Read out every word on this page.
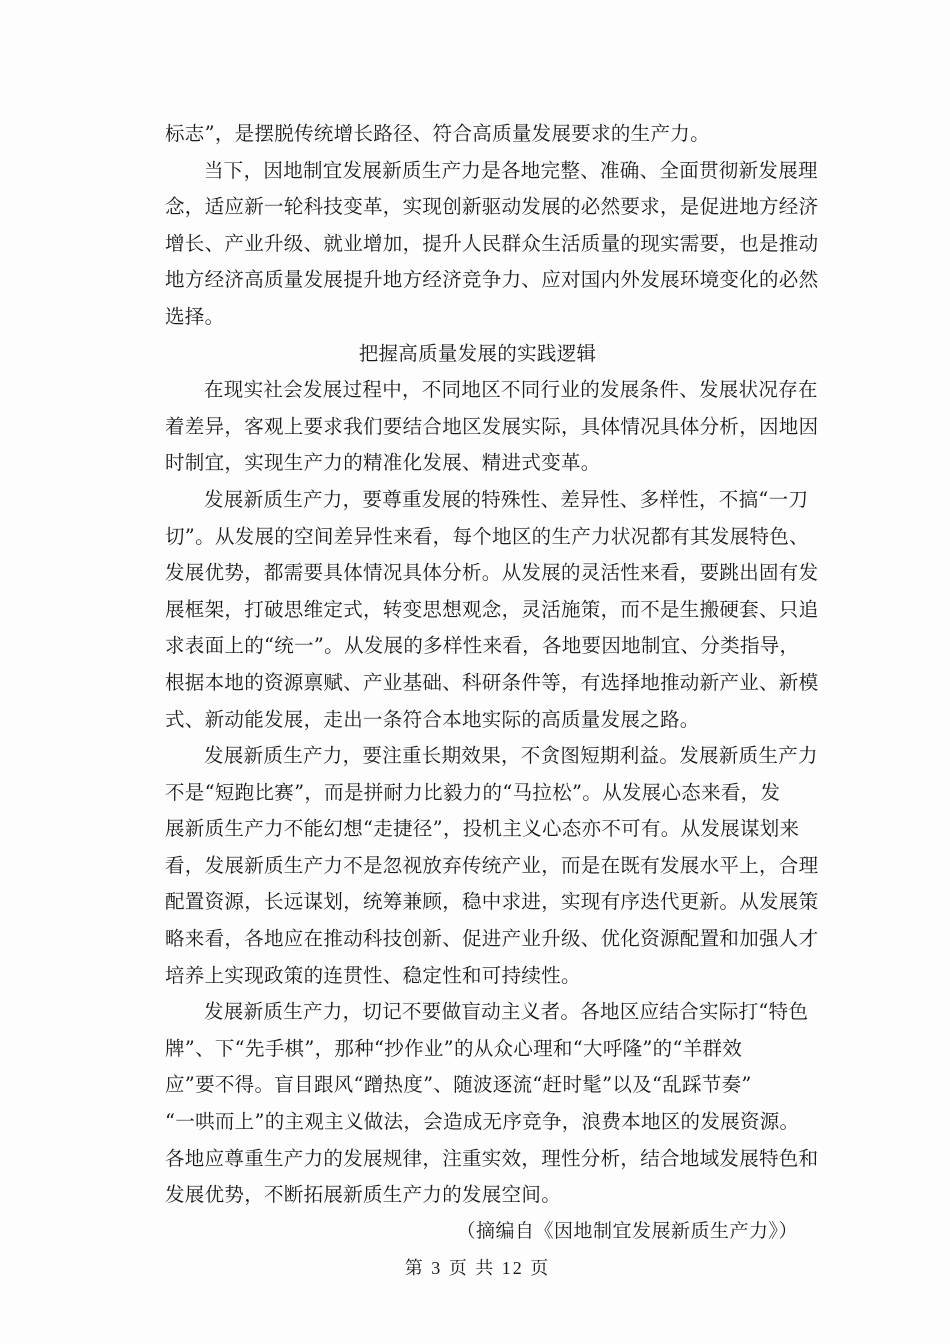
标志”，是摆脱传统增长路径、符合高质量发展要求的生产力。
当下，因地制宜发展新质生产力是各地完整、准确、全面贯彻新发展理
念，适应新一轮科技变革，实现创新驱动发展的必然要求，是促进地方经济
增长、产业升级、就业增加，提升人民群众生活质量的现实需要，也是推动
地方经济高质量发展提升地方经济竞争力、应对国内外发展环境变化的必然
选择。
把握高质量发展的实践逻辑
在现实社会发展过程中，不同地区不同行业的发展条件、发展状况存在
着差异，客观上要求我们要结合地区发展实际，具体情况具体分析，因地因
时制宜，实现生产力的精准化发展、精进式变革。
发展新质生产力，要尊重发展的特殊性、差异性、多样性，不搞“一刀
切”。从发展的空间差异性来看，每个地区的生产力状况都有其发展特色、
发展优势，都需要具体情况具体分析。从发展的灵活性来看，要跳出固有发
展框架，打破思维定式，转变思想观念，灵活施策，而不是生搬硬套、只追
求表面上的“统一”。从发展的多样性来看，各地要因地制宜、分类指导，
根据本地的资源禀赋、产业基础、科研条件等，有选择地推动新产业、新模
式、新动能发展，走出一条符合本地实际的高质量发展之路。
发展新质生产力，要注重长期效果，不贪图短期利益。发展新质生产力
不是“短跑比赛”，而是拼耐力比毅力的“马拉松”。从发展心态来看，发
展新质生产力不能幻想“走捷径”，投机主义心态亦不可有。从发展谋划来
看，发展新质生产力不是忽视放弃传统产业，而是在既有发展水平上，合理
配置资源，长远谋划，统筹兼顾，稳中求进，实现有序迭代更新。从发展策
略来看，各地应在推动科技创新、促进产业升级、优化资源配置和加强人才
培养上实现政策的连贯性、稳定性和可持续性。
发展新质生产力，切记不要做盲动主义者。各地区应结合实际打“特色
牌”、下“先手棋”，那种“抄作业”的从众心理和“大呼隆”的“羊群效
应”要不得。盲目跟风“蹭热度”、随波逐流“赶时髦”以及“乱踩节奏”
“一哄而上”的主观主义做法，会造成无序竞争，浪费本地区的发展资源。
各地应尊重生产力的发展规律，注重实效，理性分析，结合地域发展特色和
发展优势，不断拓展新质生产力的发展空间。
（摘编自《因地制宜发展新质生产力》）
第 3 页 共 12 页
